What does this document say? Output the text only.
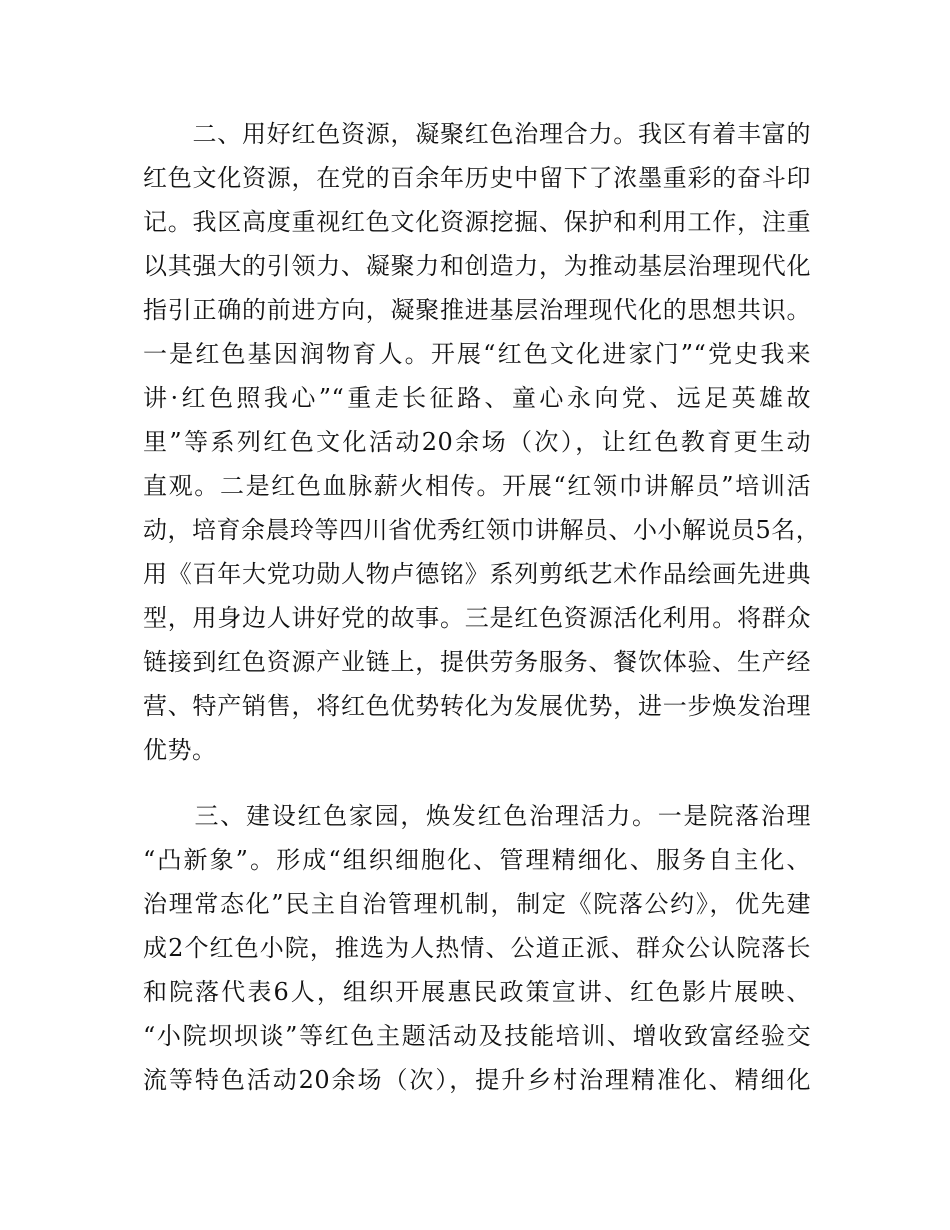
　　二、用好红色资源，凝聚红色治理合力。我区有着丰富的
红色文化资源，在党的百余年历史中留下了浓墨重彩的奋斗印
记。我区高度重视红色文化资源挖掘、保护和利用工作，注重
以其强大的引领力、凝聚力和创造力，为推动基层治理现代化
指引正确的前进方向，凝聚推进基层治理现代化的思想共识。
一是红色基因润物育人。开展“红色文化进家门”“党史我来
讲·红色照我心”“重走长征路、童心永向党、远足英雄故
里”等系列红色文化活动20余场（次），让红色教育更生动
直观。二是红色血脉薪火相传。开展“红领巾讲解员”培训活
动，培育余晨玲等四川省优秀红领巾讲解员、小小解说员5名，
用《百年大党功勋人物卢德铭》系列剪纸艺术作品绘画先进典
型，用身边人讲好党的故事。三是红色资源活化利用。将群众
链接到红色资源产业链上，提供劳务服务、餐饮体验、生产经
营、特产销售，将红色优势转化为发展优势，进一步焕发治理
优势。
　　三、建设红色家园，焕发红色治理活力。一是院落治理
“凸新象”。形成“组织细胞化、管理精细化、服务自主化、
治理常态化”民主自治管理机制，制定《院落公约》，优先建
成2个红色小院，推选为人热情、公道正派、群众公认院落长
和院落代表6人，组织开展惠民政策宣讲、红色影片展映、
“小院坝坝谈”等红色主题活动及技能培训、增收致富经验交
流等特色活动20余场（次），提升乡村治理精准化、精细化
